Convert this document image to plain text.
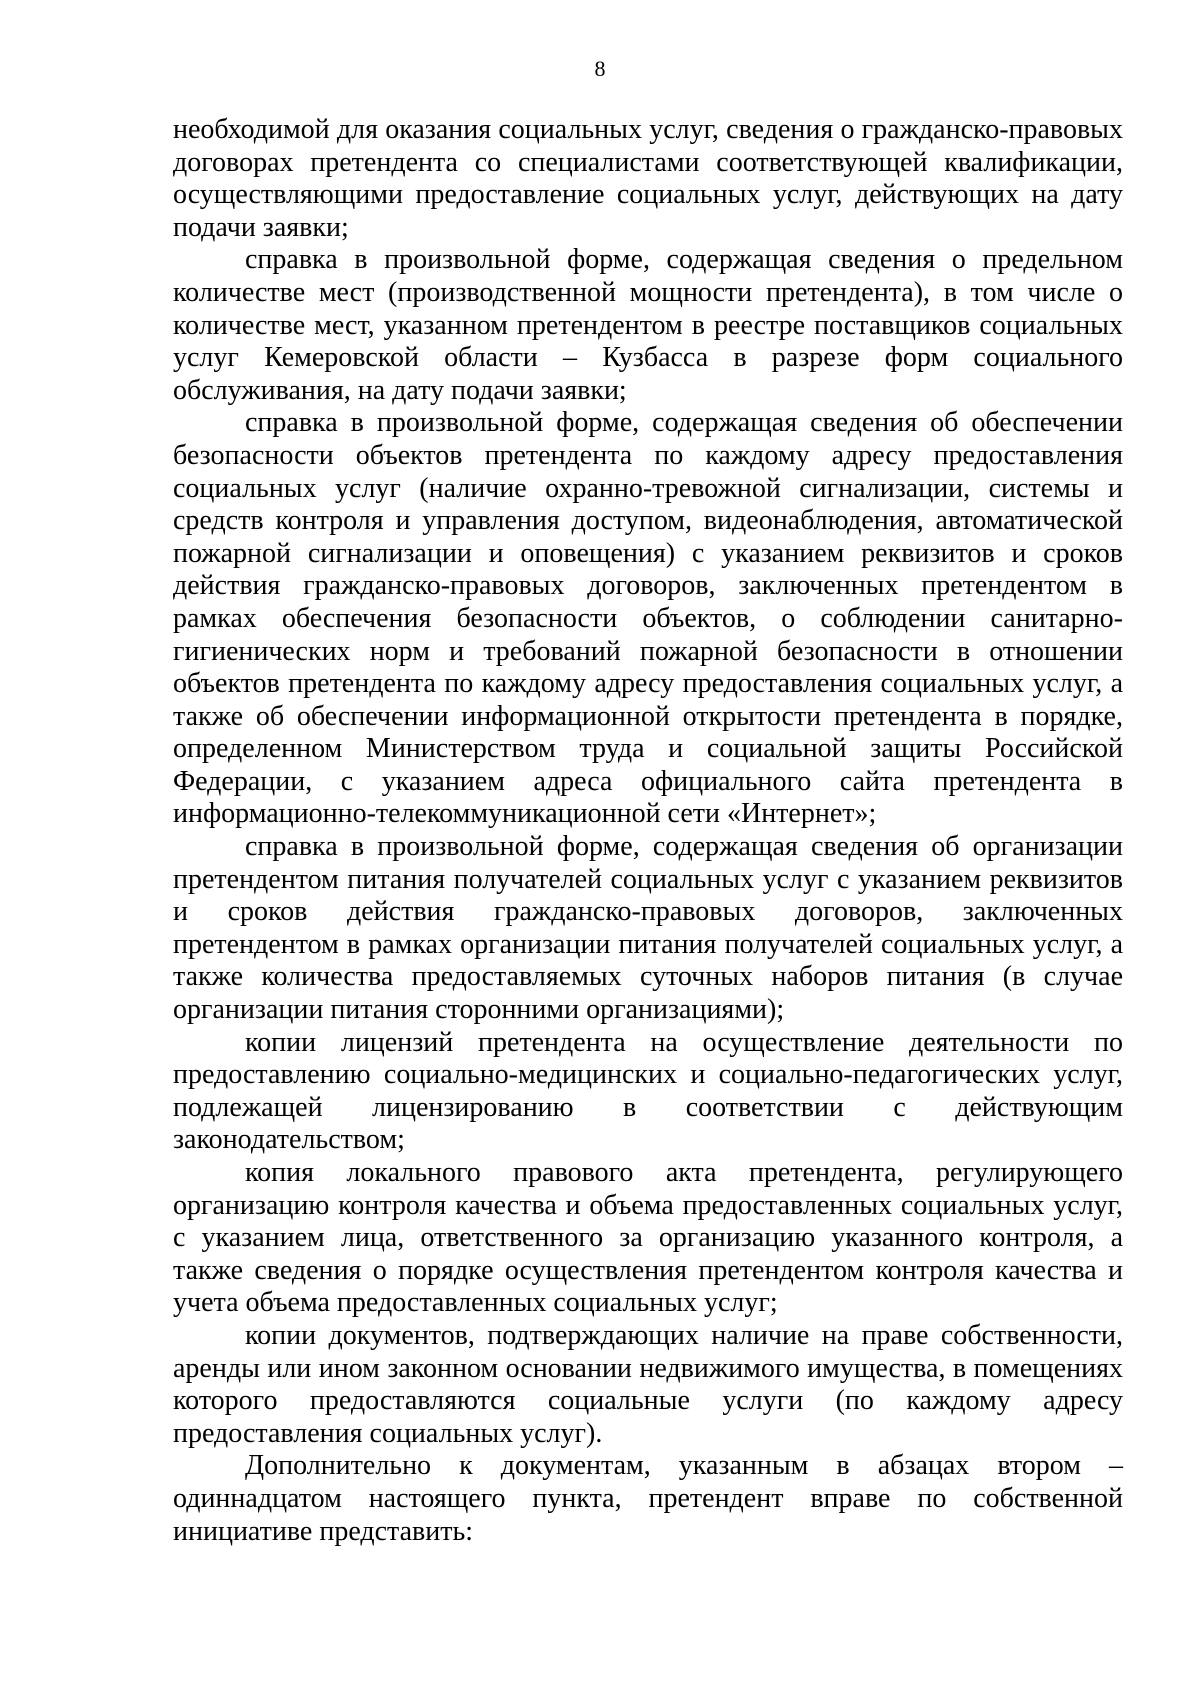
8

необходимой для оказания социальных услуг, сведения о гражданско-правовых договорах претендента со специалистами соответствующей квалификации, осуществляющими предоставление социальных услуг, действующих на дату подачи заявки;

справка в произвольной форме, содержащая сведения о предельном количестве мест (производственной мощности претендента), в том числе о количестве мест, указанном претендентом в реестре поставщиков социальных услуг Кемеровской области – Кузбасса в разрезе форм социального обслуживания, на дату подачи заявки;

справка в произвольной форме, содержащая сведения об обеспечении безопасности объектов претендента по каждому адресу предоставления социальных услуг (наличие охранно-тревожной сигнализации, системы и средств контроля и управления доступом, видеонаблюдения, автоматической пожарной сигнализации и оповещения) с указанием реквизитов и сроков действия гражданско-правовых договоров, заключенных претендентом в рамках обеспечения безопасности объектов, о соблюдении санитарно-гигиенических норм и требований пожарной безопасности в отношении объектов претендента по каждому адресу предоставления социальных услуг, а также об обеспечении информационной открытости претендента в порядке, определенном Министерством труда и социальной защиты Российской Федерации, с указанием адреса официального сайта претендента в информационно-телекоммуникационной сети «Интернет»;

справка в произвольной форме, содержащая сведения об организации претендентом питания получателей социальных услуг с указанием реквизитов и сроков действия гражданско-правовых договоров, заключенных претендентом в рамках организации питания получателей социальных услуг, а также количества предоставляемых суточных наборов питания (в случае организации питания сторонними организациями);

копии лицензий претендента на осуществление деятельности по предоставлению социально-медицинских и социально-педагогических услуг, подлежащей лицензированию в соответствии с действующим законодательством;

копия локального правового акта претендента, регулирующего организацию контроля качества и объема предоставленных социальных услуг, с указанием лица, ответственного за организацию указанного контроля, а также сведения о порядке осуществления претендентом контроля качества и учета объема предоставленных социальных услуг;

копии документов, подтверждающих наличие на праве собственности, аренды или ином законном основании недвижимого имущества, в помещениях которого предоставляются социальные услуги (по каждому адресу предоставления социальных услуг).

Дополнительно к документам, указанным в абзацах втором – одиннадцатом настоящего пункта, претендент вправе по собственной инициативе представить:
